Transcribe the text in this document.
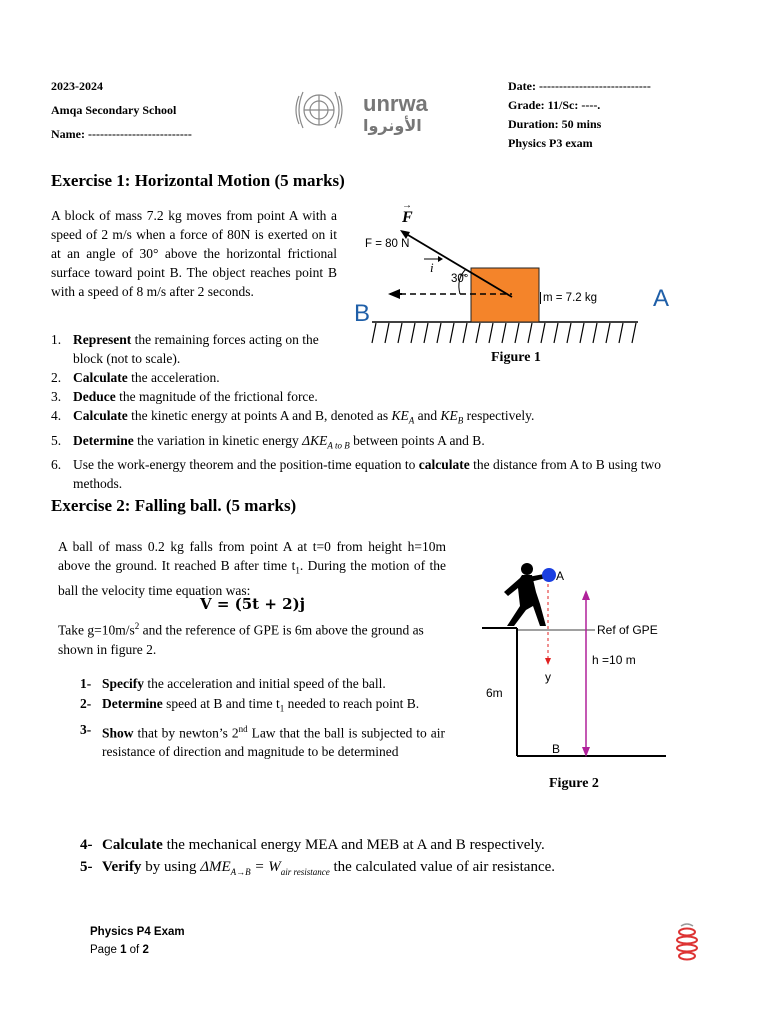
2023-2024
Amqa Secondary School
Name: --------------------------
unrwa
الأونروا
Date: ----------------------------
Grade: 11/Sc: ----.
Duration: 50 mins
Physics P3 exam
Exercise 1: Horizontal Motion (5 marks)
A block of mass 7.2 kg moves from point A with a speed of 2 m/s when a force of 80N is exerted on it at an angle of 30° above the horizontal frictional surface toward point B. The object reaches point B with a speed of 8 m/s after 2 seconds.
1. Represent the remaining forces acting on the block (not to scale).
2. Calculate the acceleration.
3. Deduce the magnitude of the frictional force.
4. Calculate the kinetic energy at points A and B, denoted as $KE_A$ and $KE_B$ respectively.
5. Determine the variation in kinetic energy $\Delta KE_{A to B}$ between points A and B.
6. Use the work-energy theorem and the position-time equation to calculate the distance from A to B using two methods.
→
F
F = 80 N
i
30°
m = 7.2 kg A
B
Figure 1
Exercise 2: Falling ball. (5 marks)
A ball of mass 0.2 kg falls from point A at t=0 from height h=10m above the ground. It reached B after time $t_1$. During the motion of the ball the velocity time equation was:
V = (5t + 2)j
Take $g=10m/s^2$ and the reference of GPE is 6m above the ground as shown in figure 2.
1- Specify the acceleration and initial speed of the ball.
2- Determine speed at B and time $t_1$ needed to reach point B.
3- Show that by newton’s 2nd Law that the ball is subjected to air resistance of direction and magnitude to be determined
4- Calculate the mechanical energy MEA and MEB at A and B respectively.
5- Verify by using $\Delta ME_{A\to B} = W_{air resistance}$ the calculated value of air resistance.
A
Ref of GPE
h =10 m
y
6m
B
Figure 2
Physics P4 Exam
Page 1 of 2
